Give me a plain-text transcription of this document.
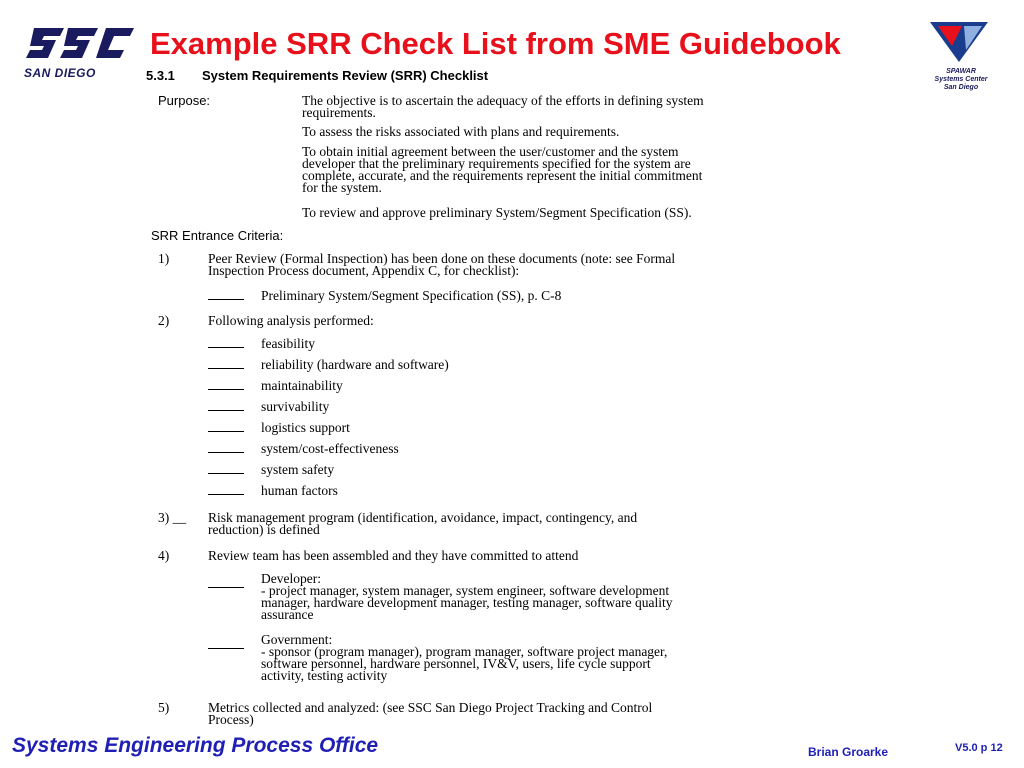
SAN DIEGO
Example SRR Check List from SME Guidebook
SPAWAR
Systems Center
San Diego
5.3.1 System Requirements Review (SRR) Checklist
Purpose:	The objective is to ascertain the adequacy of the efforts in defining system
requirements.
To assess the risks associated with plans and requirements.
To obtain initial agreement between the user/customer and the system
developer that the preliminary requirements specified for the system are
complete, accurate, and the requirements represent the initial commitment
for the system.
To review and approve preliminary System/Segment Specification (SS).
SRR Entrance Criteria:
1)	Peer Review (Formal Inspection) has been done on these documents (note: see Formal
Inspection Process document, Appendix C, for checklist):
Preliminary System/Segment Specification (SS), p. C-8
2)	Following analysis performed:
feasibility
reliability (hardware and software)
maintainability
survivability
logistics support
system/cost-effectiveness
system safety
human factors
3) __ Risk management program (identification, avoidance, impact, contingency, and
reduction) is defined
4)	Review team has been assembled and they have committed to attend
Developer:
- project manager, system manager, system engineer, software development
manager, hardware development manager, testing manager, software quality
assurance
Government:
- sponsor (program manager), program manager, software project manager,
software personnel, hardware personnel, IV&V, users, life cycle support
activity, testing activity
5)	Metrics collected and analyzed: (see SSC San Diego Project Tracking and Control
Process)
Systems Engineering Process Office	Brian Groarke	V5.0 p 12
